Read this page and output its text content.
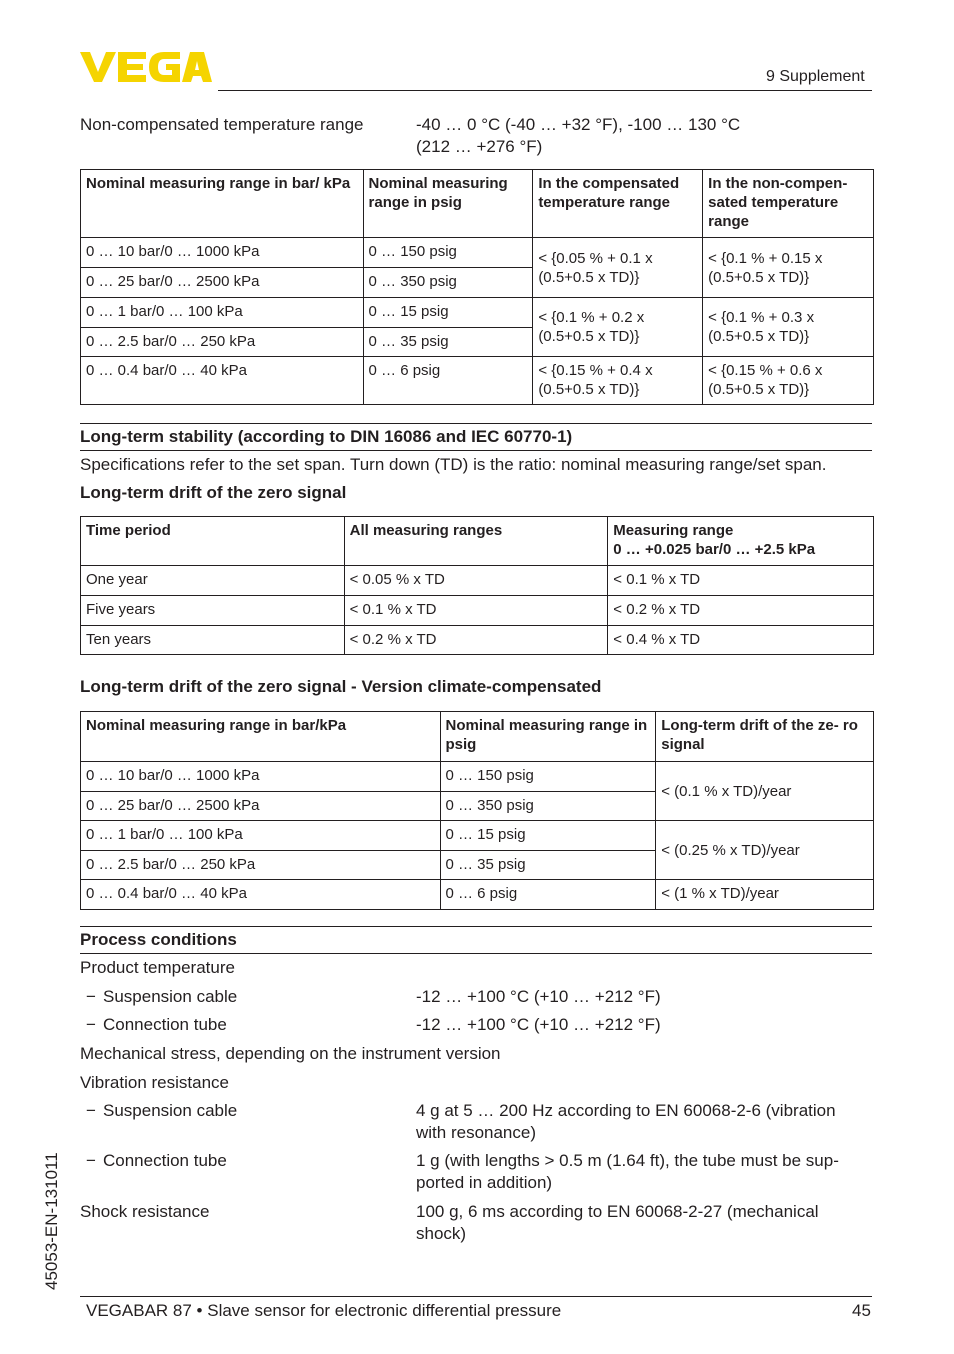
9 Supplement
Non-compensated temperature range	-40 … 0 °C (-40 … +32 °F), -100 … 130 °C
(212 … +276 °F)
Nominal measuring range in bar/ kPa	Nominal measuring range in psig	In the compensated temperature range	In the non-compen- sated temperature range
0 … 10 bar/0 … 1000 kPa	0 … 150 psig	< {0.05 % + 0.1 x (0.5+0.5 x TD)}	< {0.1 % + 0.15 x (0.5+0.5 x TD)}
0 … 25 bar/0 … 2500 kPa	0 … 350 psig		
0 … 1 bar/0 … 100 kPa	0 … 15 psig	< {0.1 % + 0.2 x (0.5+0.5 x TD)}	< {0.1 % + 0.3 x (0.5+0.5 x TD)}
0 … 2.5 bar/0 … 250 kPa	0 … 35 psig		
0 … 0.4 bar/0 … 40 kPa	0 … 6 psig	< {0.15 % + 0.4 x (0.5+0.5 x TD)}	< {0.15 % + 0.6 x (0.5+0.5 x TD)}
Long-term stability (according to DIN 16086 and IEC 60770-1)
Specifications refer to the set span. Turn down (TD) is the ratio: nominal measuring range/set span.
Long-term drift of the zero signal
Time period	All measuring ranges	Measuring range
0 … +0.025 bar/0 … +2.5 kPa
One year	< 0.05 % x TD	< 0.1 % x TD
Five years	< 0.1 % x TD	< 0.2 % x TD
Ten years	< 0.2 % x TD	< 0.4 % x TD
Long-term drift of the zero signal - Version climate-compensated
Nominal measuring range in bar/kPa	Nominal measuring range in psig	Long-term drift of the ze- ro signal
0 … 10 bar/0 … 1000 kPa	0 … 150 psig	< (0.1 % x TD)/year
0 … 25 bar/0 … 2500 kPa	0 … 350 psig	
0 … 1 bar/0 … 100 kPa	0 … 15 psig	< (0.25 % x TD)/year
0 … 2.5 bar/0 … 250 kPa	0 … 35 psig	
0 … 0.4 bar/0 … 40 kPa	0 … 6 psig	< (1 % x TD)/year
Process conditions
Product temperature
− Suspension cable	-12 … +100 °C (+10 … +212 °F)
− Connection tube	-12 … +100 °C (+10 … +212 °F)
Mechanical stress, depending on the instrument version
Vibration resistance
− Suspension cable	4 g at 5 … 200 Hz according to EN 60068-2-6 (vibration
with resonance)
− Connection tube	1 g (with lengths > 0.5 m (1.64 ft), the tube must be sup-
ported in addition)
Shock resistance	100 g, 6 ms according to EN 60068-2-27 (mechanical
shock)
45053-EN-131011
VEGABAR 87 • Slave sensor for electronic differential pressure	45
